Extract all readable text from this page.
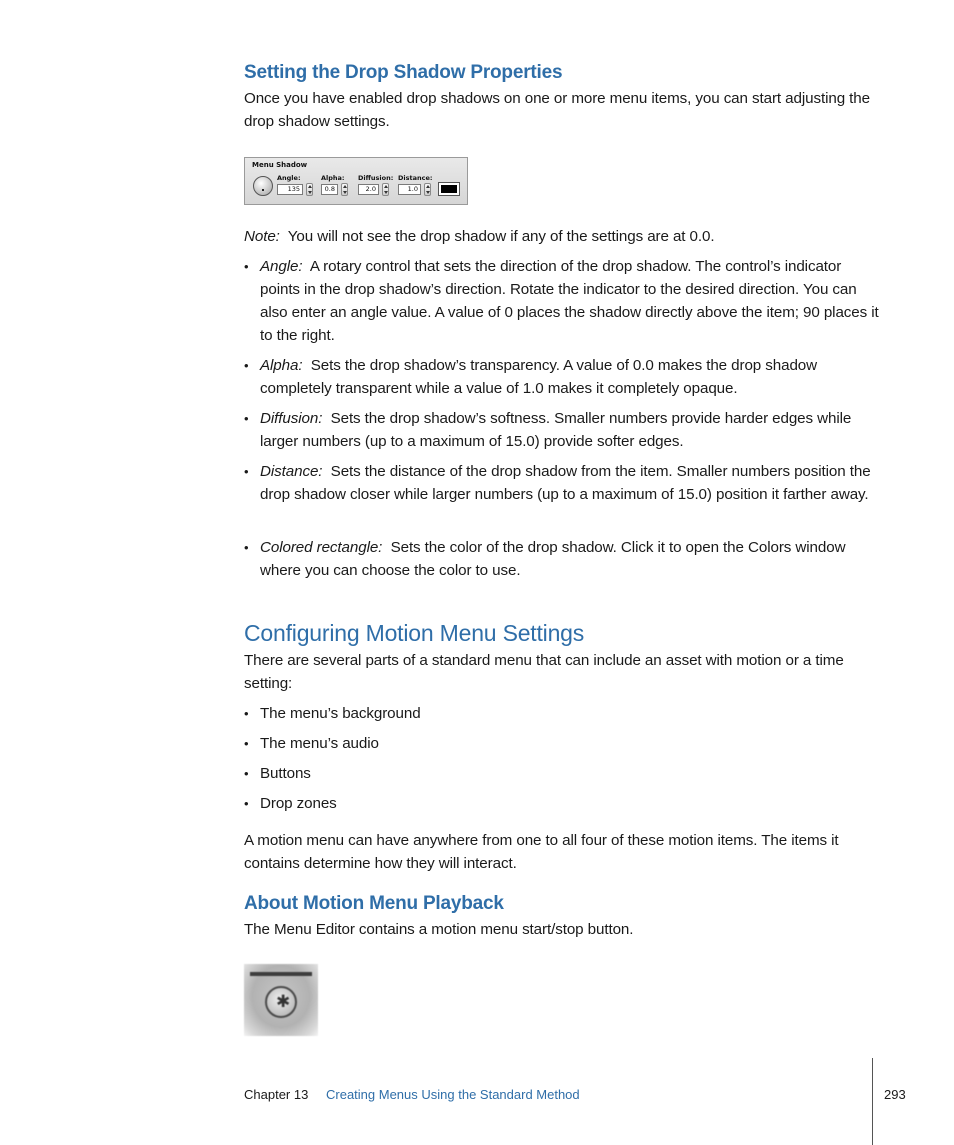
Setting the Drop Shadow Properties
Once you have enabled drop shadows on one or more menu items, you can start adjusting the drop shadow settings.
Menu Shadow
Angle:
135
Alpha:
0.8
Diffusion:
2.0
Distance:
1.0
Note: You will not see the drop shadow if any of the settings are at 0.0.
• Angle: A rotary control that sets the direction of the drop shadow. The control’s indicator points in the drop shadow’s direction. Rotate the indicator to the desired direction. You can also enter an angle value. A value of 0 places the shadow directly above the item; 90 places it to the right.
• Alpha: Sets the drop shadow’s transparency. A value of 0.0 makes the drop shadow completely transparent while a value of 1.0 makes it completely opaque.
• Diffusion: Sets the drop shadow’s softness. Smaller numbers provide harder edges while larger numbers (up to a maximum of 15.0) provide softer edges.
• Distance: Sets the distance of the drop shadow from the item. Smaller numbers position the drop shadow closer while larger numbers (up to a maximum of 15.0) position it farther away.
• Colored rectangle: Sets the color of the drop shadow. Click it to open the Colors window where you can choose the color to use.
Configuring Motion Menu Settings
There are several parts of a standard menu that can include an asset with motion or a time setting:
• The menu’s background
• The menu’s audio
• Buttons
• Drop zones
A motion menu can have anywhere from one to all four of these motion items. The items it contains determine how they will interact.
About Motion Menu Playback
The Menu Editor contains a motion menu start/stop button.
✱
Chapter 13 Creating Menus Using the Standard Method	293
